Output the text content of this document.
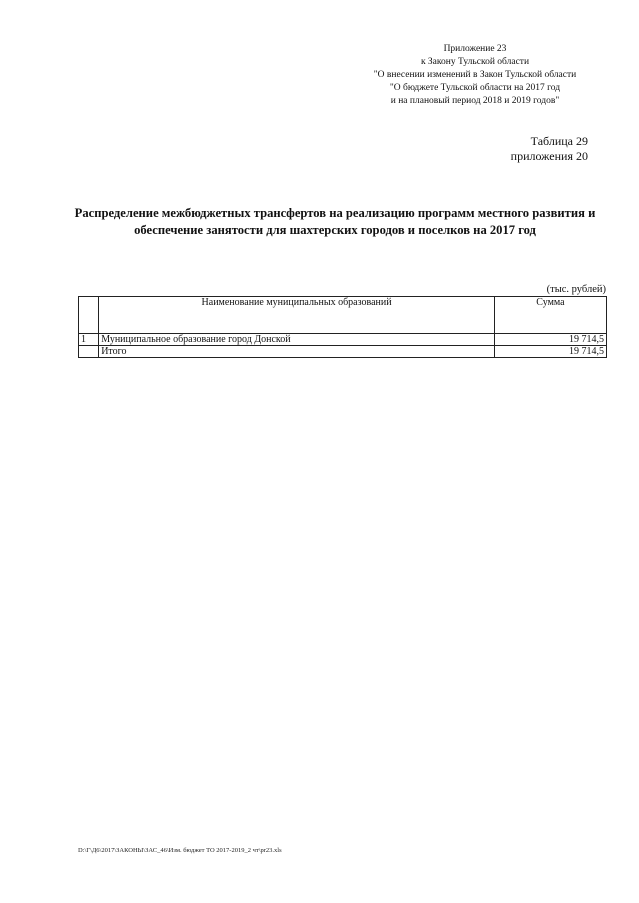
Приложение 23
к Закону Тульской области
"О внесении изменений в Закон Тульской области
"О бюджете Тульской области на 2017 год
и на плановый период 2018 и 2019 годов"
Таблица 29
приложения 20
Распределение межбюджетных трансфертов на реализацию программ местного развития и
обеспечение занятости для шахтерских городов и поселков на 2017 год
(тыс. рублей)
	Наименование муниципальных образований	Сумма
1	Муниципальное образование город Донской	19 714,5
	Итого	19 714,5
D:\Г\Д6\2017\ЗАКОНЫ\ЗАС_46\Изм. бюджет ТО 2017-2019_2 чт\pr23.xls
